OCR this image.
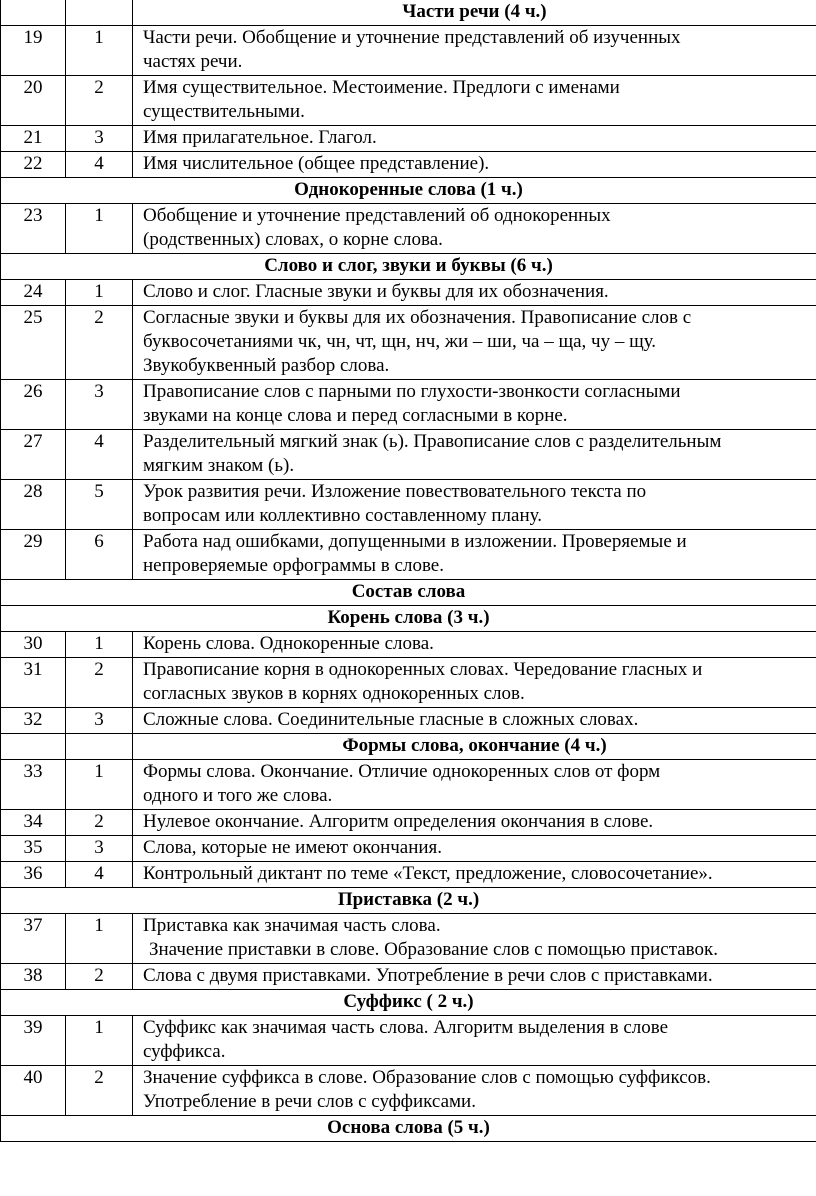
		Части речи (4 ч.)
19	1	Части речи. Обобщение и уточнение представлений об изученных
частях речи.

20	2	Имя существительное. Местоимение. Предлоги с именами
существительными.

21	3	Имя прилагательное. Глагол.

22	4	Имя числительное (общее представление).

Однокоренные слова (1 ч.)		
23	1	Обобщение и уточнение представлений об однокоренных
(родственных) словах, о корне слова.

Слово и слог, звуки и буквы (6 ч.)		
24	1	Слово и слог. Гласные звуки и буквы для их обозначения.

25	2	Согласные звуки и буквы для их обозначения. Правописание слов с
буквосочетаниями чк, чн, чт, щн, нч, жи – ши, ча – ща, чу – щу.
Звукобуквенный разбор слова.

26	3	Правописание слов с парными по глухости-звонкости согласными
звуками на конце слова и перед согласными в корне.

27	4	Разделительный мягкий знак (ь). Правописание слов с разделительным
мягким знаком (ь).

28	5	Урок развития речи. Изложение повествовательного текста по
вопросам или коллективно составленному плану.

29	6	Работа над ошибками, допущенными в изложении. Проверяемые и
непроверяемые орфограммы в слове.

Состав слова		
Корень слова (3 ч.)		
30	1	Корень слова. Однокоренные слова.

31	2	Правописание корня в однокоренных словах. Чередование гласных и
согласных звуков в корнях однокоренных слов.

32	3	Сложные слова. Соединительные гласные в сложных словах.

		Формы слова, окончание (4 ч.)
33	1	Формы слова. Окончание. Отличие однокоренных слов от форм
одного и того же слова.

34	2	Нулевое окончание. Алгоритм определения окончания в слове.

35	3	Слова, которые не имеют окончания.

36	4	Контрольный диктант по теме «Текст, предложение, словосочетание».

Приставка (2 ч.)		
37	1	Приставка как значимая часть слова.
Значение приставки в слове. Образование слов с помощью приставок.

38	2	Слова с двумя приставками. Употребление в речи слов с приставками.

Суффикс ( 2 ч.)		
39	1	Суффикс как значимая часть слова. Алгоритм выделения в слове
суффикса.

40	2	Значение суффикса в слове. Образование слов с помощью суффиксов.
Употребление в речи слов с суффиксами.

Основа слова (5 ч.)		
